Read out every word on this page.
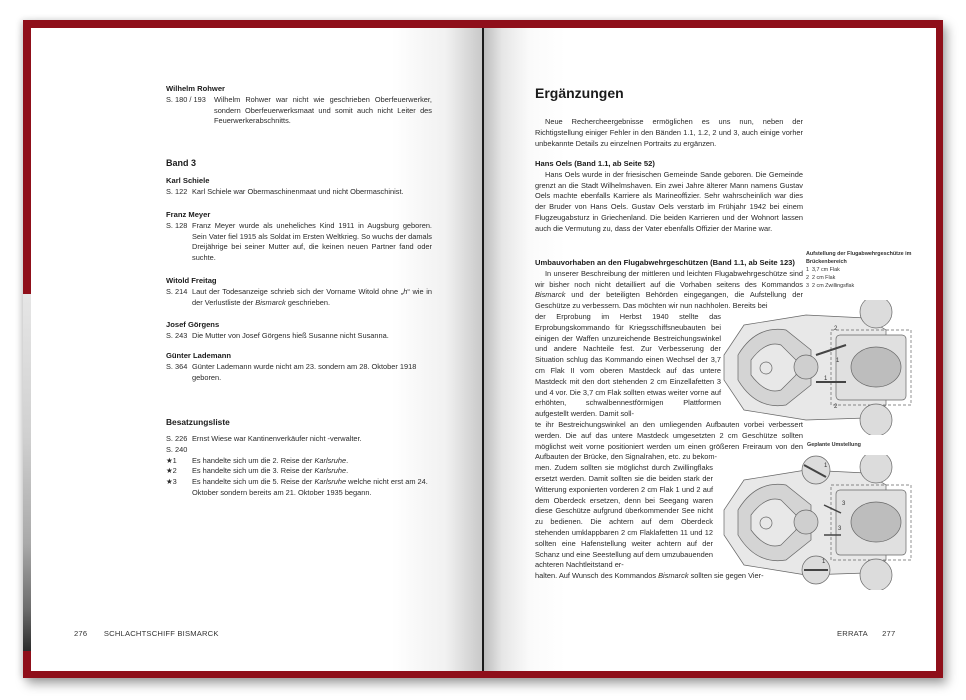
Wilhelm Rohwer
S. 180 / 193	Wilhelm Rohwer war nicht wie geschrieben Oberfeuerwerker, sondern Oberfeuerwerksmaat und somit auch nicht Leiter des Feuerwerkerabschnitts.
Band 3
Karl Schiele
S. 122 Karl Schiele war Obermaschinenmaat und nicht Obermaschinist.
Franz Meyer
S. 128 Franz Meyer wurde als uneheliches Kind 1911 in Augsburg geboren. Sein Vater fiel 1915 als Soldat im Ersten Weltkrieg. So wuchs der damals Dreijährige bei seiner Mutter auf, die keinen neuen Partner fand oder suchte.
Witold Freitag
S. 214 Laut der Todesanzeige schrieb sich der Vorname Witold ohne „h“ wie in der Verlustliste der Bismarck geschrieben.
Josef Görgens
S. 243 Die Mutter von Josef Görgens hieß Susanne nicht Susanna.
Günter Lademann
S. 364 Günter Lademann wurde nicht am 23. sondern am 28. Oktober 1918 geboren.
Besatzungsliste
S. 226 Ernst Wiese war Kantinenverkäufer nicht -verwalter.
S. 240
★1	Es handelte sich um die 2. Reise der Karlsruhe.
★2	Es handelte sich um die 3. Reise der Karlsruhe.
★3	Es handelte sich um die 5. Reise der Karlsruhe welche nicht erst am 24. Oktober sondern bereits am 21. Oktober 1935 begann.
276 SCHLACHTSCHIFF BISMARCK
Ergänzungen
Neue Rechercheergebnisse ermöglichen es uns nun, neben der Richtigstellung einiger Fehler in den Bänden 1.1, 1.2, 2 und 3, auch einige vorher unbekannte Details zu einzelnen Portraits zu ergänzen.
Hans Oels (Band 1.1, ab Seite 52)
Hans Oels wurde in der friesischen Gemeinde Sande geboren. Die Gemeinde grenzt an die Stadt Wilhelmshaven. Ein zwei Jahre älterer Mann namens Gustav Oels machte ebenfalls Karriere als Marineoffizier. Sehr wahrscheinlich war dies der Bruder von Hans Oels. Gustav Oels verstarb im Frühjahr 1942 bei einem Flugzeugabsturz in Griechenland. Die beiden Karrieren und der Wohnort lassen auch die Vermutung zu, dass der Vater ebenfalls Offizier der Marine war.
Umbauvorhaben an den Flugabwehrgeschützen (Band 1.1, ab Seite 123)
In unserer Beschreibung der mittleren und leichten Flugabwehrgeschütze sind wir bisher noch nicht detailliert auf die Vorhaben seitens des Kommandos Bismarck und der beteiligten Behörden eingegangen, die Aufstellung der Geschütze zu verbessern. Das möchten wir nun nachholen. Bereits bei
der Erprobung im Herbst 1940 stellte das Erprobungskommando für Kriegsschiffsneubauten bei einigen der Waffen unzureichende Bestreichungswinkel und andere Nachteile fest. Zur Verbesserung der Situation schlug das Kommando einen Wechsel der 3,7 cm Flak II vom oberen Mastdeck auf das untere Mastdeck mit den dort stehenden 2 cm Einzellafetten 3 und 4 vor. Die 3,7 cm Flak sollten etwas weiter vorne auf erhöhten, schwalbennestförmigen Plattformen aufgestellt werden. Damit soll-
te ihr Bestreichungswinkel an den umliegenden Aufbauten vorbei verbessert werden. Die auf das untere Mastdeck umgesetzten 2 cm Geschütze sollten möglichst weit vorne positioniert werden um einen größeren Freiraum von den Aufbauten der Brücke, den Signalrahen, etc. zu bekom-
men. Zudem sollten sie möglichst durch Zwillingflaks ersetzt werden. Damit sollten sie die beiden stark der Witterung exponierten vorderen 2 cm Flak 1 und 2 auf dem Oberdeck ersetzen, denn bei Seegang waren diese Geschütze aufgrund überkommender See nicht zu bedienen. Die achtern auf dem Oberdeck stehenden umklappbaren 2 cm Flaklafetten 11 und 12 sollten eine Hafenstellung weiter achtern auf der Schanz und eine Seestellung auf dem umzubauenden achteren Nachtleitstand er-
halten. Auf Wunsch des Kommandos Bismarck sollten sie gegen Vier-
Aufstellung der Flugabwehrgeschütze im Brückenbereich
1 3,7 cm Flak
2 2 cm Flak
3 2 cm Zwillingsflak
Geplante Umstellung
2
1
1
2
1
3
3
1
ERRATA 277
